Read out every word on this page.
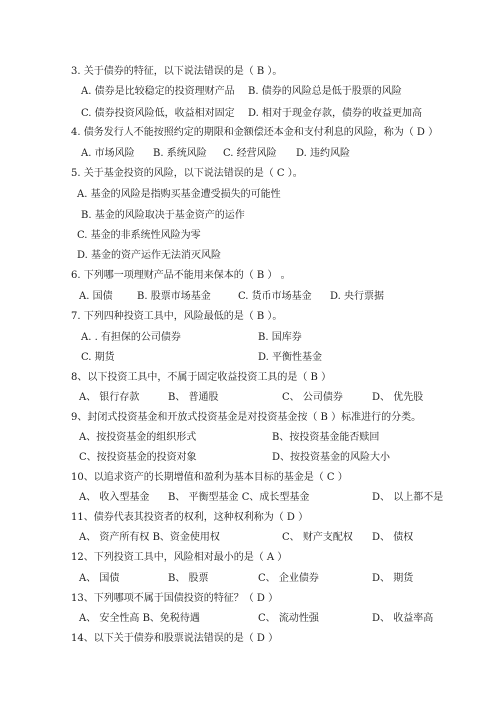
3. 关于债券的特征，以下说法错误的是（ B ）。
A. 债券是比较稳定的投资理财产品 B. 债券的风险总是低于股票的风险
C. 债券投资风险低，收益相对固定 D. 相对于现金存款，债券的收益更加高
4. 债务发行人不能按照约定的期限和金额偿还本金和支付利息的风险，称为（ D ）
A. 市场风险 B. 系统风险 C. 经营风险 D. 违约风险
5. 关于基金投资的风险，以下说法错误的是（ C ）。
A. 基金的风险是指购买基金遭受损失的可能性
B. 基金的风险取决于基金资产的运作
C. 基金的非系统性风险为零
D. 基金的资产运作无法消灭风险
6. 下列哪一项理财产品不能用来保本的（ B ） 。
A. 国债 B. 股票市场基金	C. 货币市场基金 D. 央行票据
7. 下列四种投资工具中，风险最低的是（ B ）。
A. . 有担保的公司债券	B. 国库券
C. 期货	D. 平衡性基金
8、以下投资工具中，不属于固定收益投资工具的是（ B ）
A、 银行存款	B、 普通股	C、 公司债券	D、 优先股
9、封闭式投资基金和开放式投资基金是对投资基金按（ B ）标准进行的分类。
A、按投资基金的组织形式	B、按投资基金能否赎回
C、按投资基金的投资对象	D、按投资基金的风险大小
10、以追求资产的长期增值和盈利为基本目标的基金是（ C ）
A、 收入型基金 B、 平衡型基金 C、成长型基金	D、 以上都不是
11、债券代表其投资者的权利，这种权利称为（ D ）
A、 资产所有权 B、资金使用权	C、 财产支配权 D、 债权
12、下列投资工具中，风险相对最小的是（ A ）
A、 国债	B、 股票	C、 企业债券	D、 期货
13、下列哪项不属于国债投资的特征？（ D ）
A、 安全性高 B、免税待遇	C、 流动性强	D、 收益率高
14、以下关于债券和股票说法错误的是（ D ）
